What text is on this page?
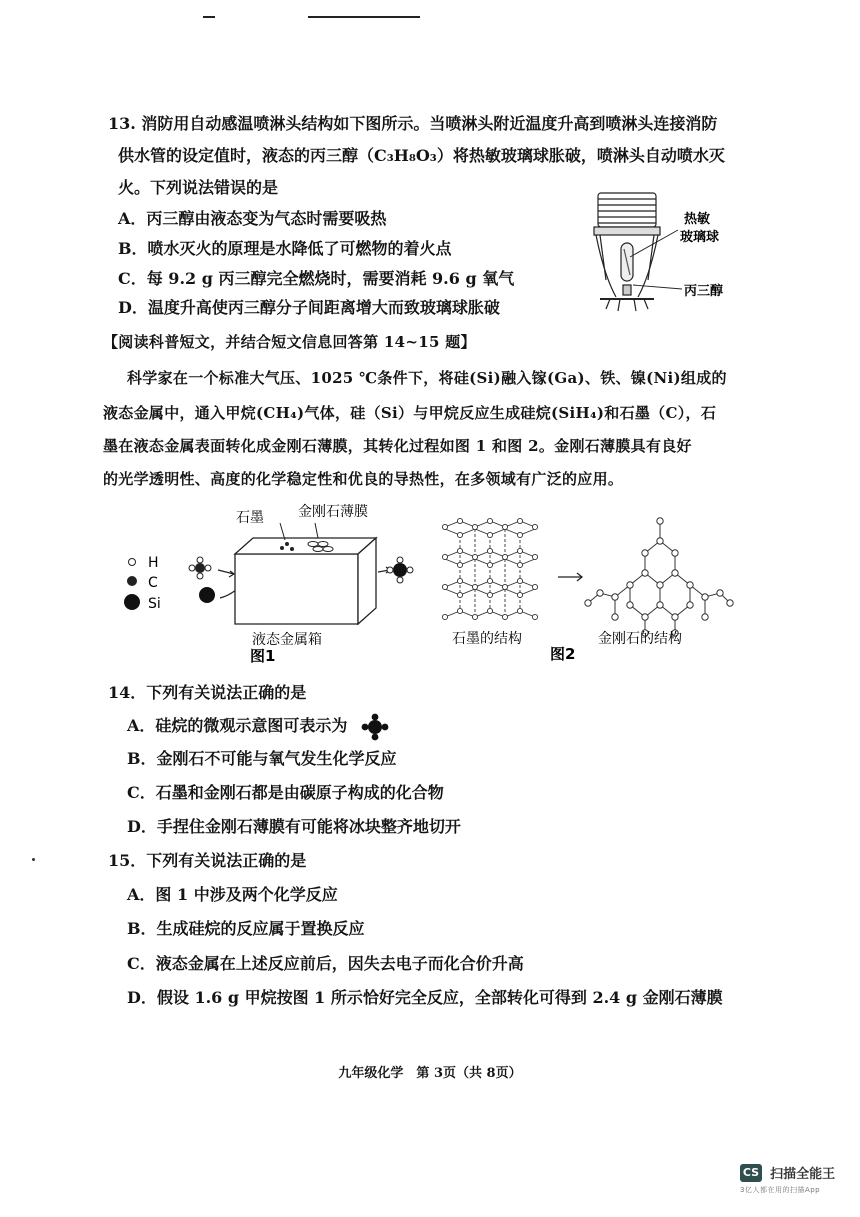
13. 消防用自动感温喷淋头结构如下图所示。当喷淋头附近温度升高到喷淋头连接消防
供水管的设定值时，液态的丙三醇（C₃H₈O₃）将热敏玻璃球胀破，喷淋头自动喷水灭
火。下列说法错误的是
A．丙三醇由液态变为气态时需要吸热
B．喷水灭火的原理是水降低了可燃物的着火点
C．每 9.2 g 丙三醇完全燃烧时，需要消耗 9.6 g 氧气
D．温度升高使丙三醇分子间距离增大而致玻璃球胀破
热敏
玻璃球
丙三醇
【阅读科普短文，并结合短文信息回答第 14~15 题】
科学家在一个标准大气压、1025 ℃条件下，将硅(Si)融入镓(Ga)、铁、镍(Ni)组成的
液态金属中，通入甲烷(CH₄)气体，硅（Si）与甲烷反应生成硅烷(SiH₄)和石墨（C），石
墨在液态金属表面转化成金刚石薄膜，其转化过程如图 1 和图 2。金刚石薄膜具有良好
的光学透明性、高度的化学稳定性和优良的导热性，在多领域有广泛的应用。
H
C
Si
石墨 金刚石薄膜
液态金属箱
图1
石墨的结构
图2
金刚石的结构
14．下列有关说法正确的是
A．硅烷的微观示意图可表示为
B．金刚石不可能与氧气发生化学反应
C．石墨和金刚石都是由碳原子构成的化合物
D．手捏住金刚石薄膜有可能将冰块整齐地切开
15．下列有关说法正确的是
A．图 1 中涉及两个化学反应
B．生成硅烷的反应属于置换反应
C．液态金属在上述反应前后，因失去电子而化合价升高
D．假设 1.6 g 甲烷按图 1 所示恰好完全反应，全部转化可得到 2.4 g 金刚石薄膜
九年级化学　第 3页（共 8页）
CS 扫描全能王
3亿人都在用的扫描App
